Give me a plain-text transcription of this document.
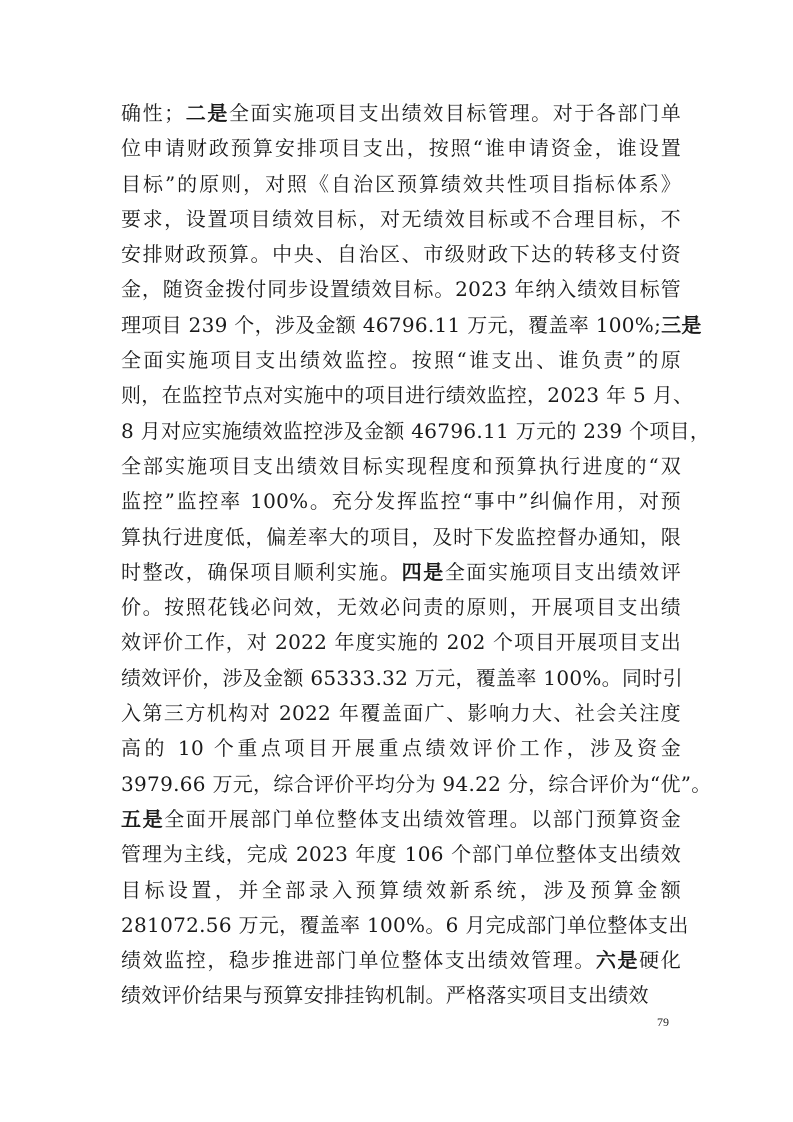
确性；二是全面实施项目支出绩效目标管理。对于各部门单
位申请财政预算安排项目支出，按照“谁申请资金，谁设置
目标”的原则，对照《自治区预算绩效共性项目指标体系》
要求，设置项目绩效目标，对无绩效目标或不合理目标，不
安排财政预算。中央、自治区、市级财政下达的转移支付资
金，随资金拨付同步设置绩效目标。2023 年纳入绩效目标管
理项目 239 个，涉及金额 46796.11 万元，覆盖率 100%;三是
全面实施项目支出绩效监控。按照“谁支出、谁负责”的原
则，在监控节点对实施中的项目进行绩效监控，2023 年 5 月、
8 月对应实施绩效监控涉及金额 46796.11 万元的 239 个项目，
全部实施项目支出绩效目标实现程度和预算执行进度的“双
监控”监控率 100%。充分发挥监控“事中”纠偏作用，对预
算执行进度低，偏差率大的项目，及时下发监控督办通知，限
时整改，确保项目顺利实施。四是全面实施项目支出绩效评
价。按照花钱必问效，无效必问责的原则，开展项目支出绩
效评价工作，对 2022 年度实施的 202 个项目开展项目支出
绩效评价，涉及金额 65333.32 万元，覆盖率 100%。同时引
入第三方机构对 2022 年覆盖面广、影响力大、社会关注度
高的 10 个重点项目开展重点绩效评价工作，涉及资金
3979.66 万元，综合评价平均分为 94.22 分，综合评价为“优”。
五是全面开展部门单位整体支出绩效管理。以部门预算资金
管理为主线，完成 2023 年度 106 个部门单位整体支出绩效
目标设置，并全部录入预算绩效新系统，涉及预算金额
281072.56 万元，覆盖率 100%。6 月完成部门单位整体支出
绩效监控，稳步推进部门单位整体支出绩效管理。六是硬化
绩效评价结果与预算安排挂钩机制。严格落实项目支出绩效
79
